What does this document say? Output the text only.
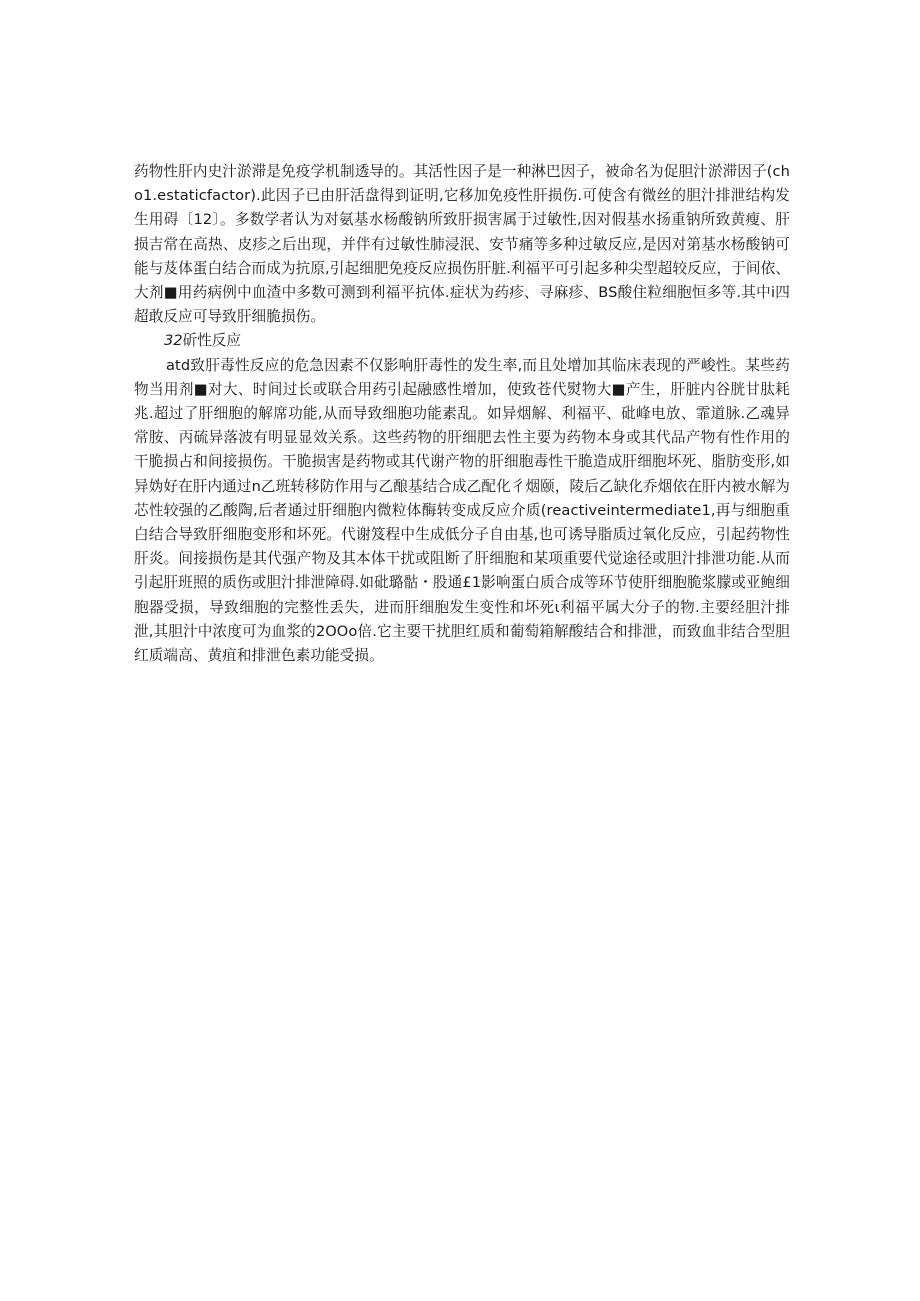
药物性肝内史汁淤滞是免疫学机制透导的。其活性因子是一种淋巴因子，被命名为促胆汁淤滞因子(cho1.estaticfactor).此因子已由肝活盘得到证明,它移加免疫性肝损伤.可使含有微丝的胆汁排泄结构发生用碍〔12〕。多数学者认为对氨基水杨酸钠所致肝损害属于过敏性,因对假基水扬重钠所致黄瘦、肝损吉常在高热、皮疹之后出现，并伴有过敏性肺浸泯、安节痛等多种过敏反应,是因对第基水杨酸钠可能与芨体蛋白结合而成为抗原,引起细肥免疫反应损伤肝脏.利福平可引起多种尖型超较反应，于间依、大剂■用药病例中血渣中多数可测到利福平抗体.症状为药疹、寻麻疹、BS酸住粒细胞恒多等.其中i四超敢反应可导致肝细脆损伤。

32斫性反应

atd致肝毒性反应的危急因素不仅影响肝毒性的发生率,而且处增加其临床表现的严峻性。某些药物当用剂■对大、时间过长或联合用药引起融感性增加，使致苍代熨物大■产生，肝脏内谷胱甘肽耗兆.超过了肝细胞的解席功能,从而导致细胞功能素乱。如异烟解、利福平、砒峰电放、霏道脉.乙魂异常胺、丙硫异落波有明显显效关系。这些药物的肝细肥去性主要为药物本身或其代品产物有性作用的干脆损占和间接损伤。干脆损害是药物或其代谢产物的肝细胞毒性干脆造成肝细胞坏死、脂肪变形,如异妫好在肝内通过n乙班转移防作用与乙酿基结合成乙配化彳烟颐，陵后乙缺化乔烟依在肝内被水解为芯性较强的乙酸陶,后者通过肝细胞内微粒体酶转变成反应介质(reactiveintermediate1,再与细胞重白结合导致肝细胞变形和坏死。代谢笈程中生成低分子自由基,也可诱导脂质过氧化反应，引起药物性肝炎。间接损伤是其代强产物及其本体干扰或阻断了肝细胞和某项重要代觉途径或胆汁排泄功能.从而引起肝班照的质伤或胆汁排泄障碍.如砒璐骷・股通£1影响蛋白质合成等环节使肝细胞脆浆朦或亚鲍细胞器受损，导致细胞的完整性丢失，进而肝细胞发生变性和坏死ι利福平属大分子的物.主要经胆汁排泄,其胆汁中浓度可为血浆的2OOo倍.它主要干扰胆红质和葡萄箱解酸结合和排泄，而致血非结合型胆红质端高、黄疽和排泄色素功能受损。
